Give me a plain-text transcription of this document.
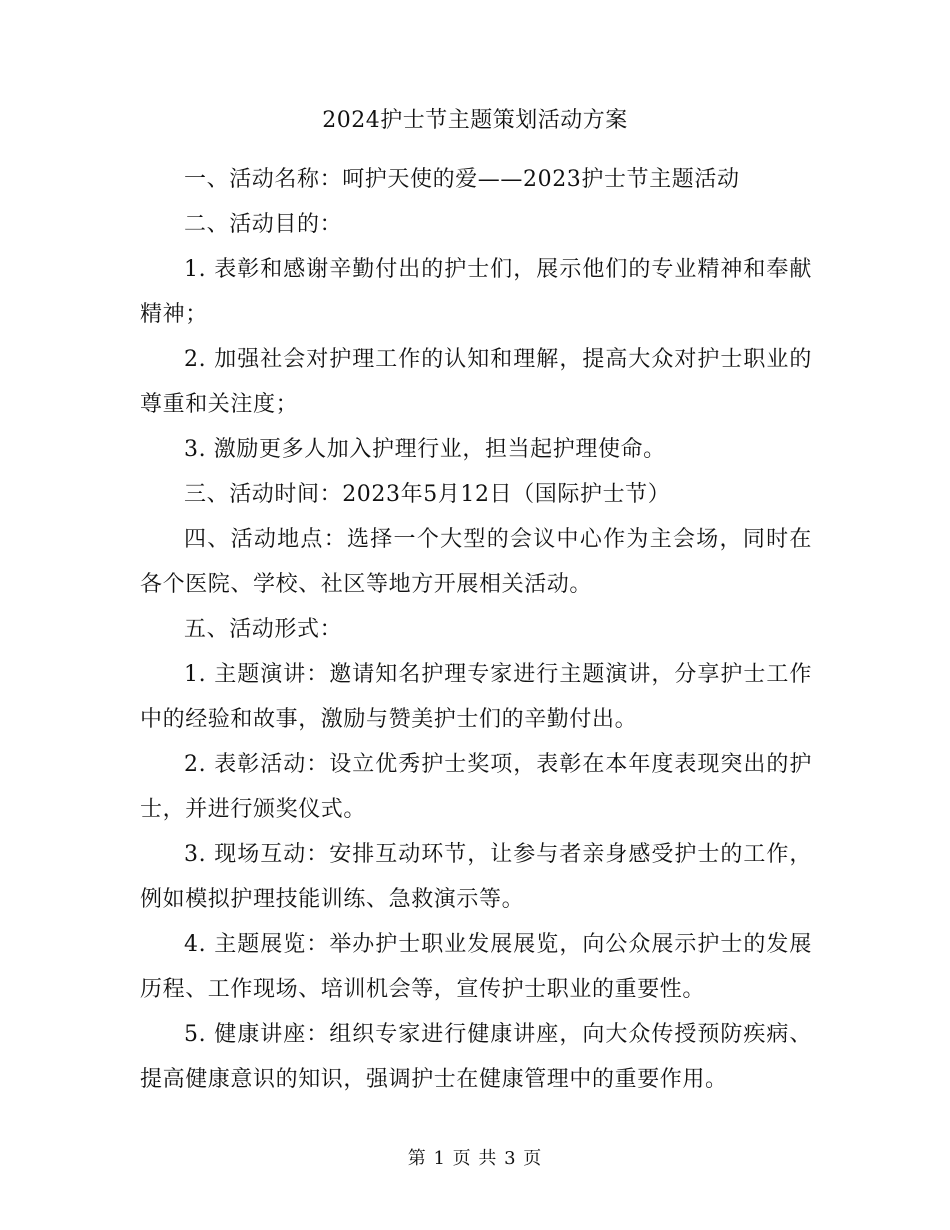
2024护士节主题策划活动方案

一、活动名称：呵护天使的爱——2023护士节主题活动

二、活动目的：

1. 表彰和感谢辛勤付出的护士们，展示他们的专业精神和奉献精神；

2. 加强社会对护理工作的认知和理解，提高大众对护士职业的尊重和关注度；

3. 激励更多人加入护理行业，担当起护理使命。

三、活动时间：2023年5月12日（国际护士节）

四、活动地点：选择一个大型的会议中心作为主会场，同时在各个医院、学校、社区等地方开展相关活动。

五、活动形式：

1. 主题演讲：邀请知名护理专家进行主题演讲，分享护士工作中的经验和故事，激励与赞美护士们的辛勤付出。

2. 表彰活动：设立优秀护士奖项，表彰在本年度表现突出的护士，并进行颁奖仪式。

3. 现场互动：安排互动环节，让参与者亲身感受护士的工作，例如模拟护理技能训练、急救演示等。

4. 主题展览：举办护士职业发展展览，向公众展示护士的发展历程、工作现场、培训机会等，宣传护士职业的重要性。

5. 健康讲座：组织专家进行健康讲座，向大众传授预防疾病、提高健康意识的知识，强调护士在健康管理中的重要作用。

第 1 页 共 3 页
